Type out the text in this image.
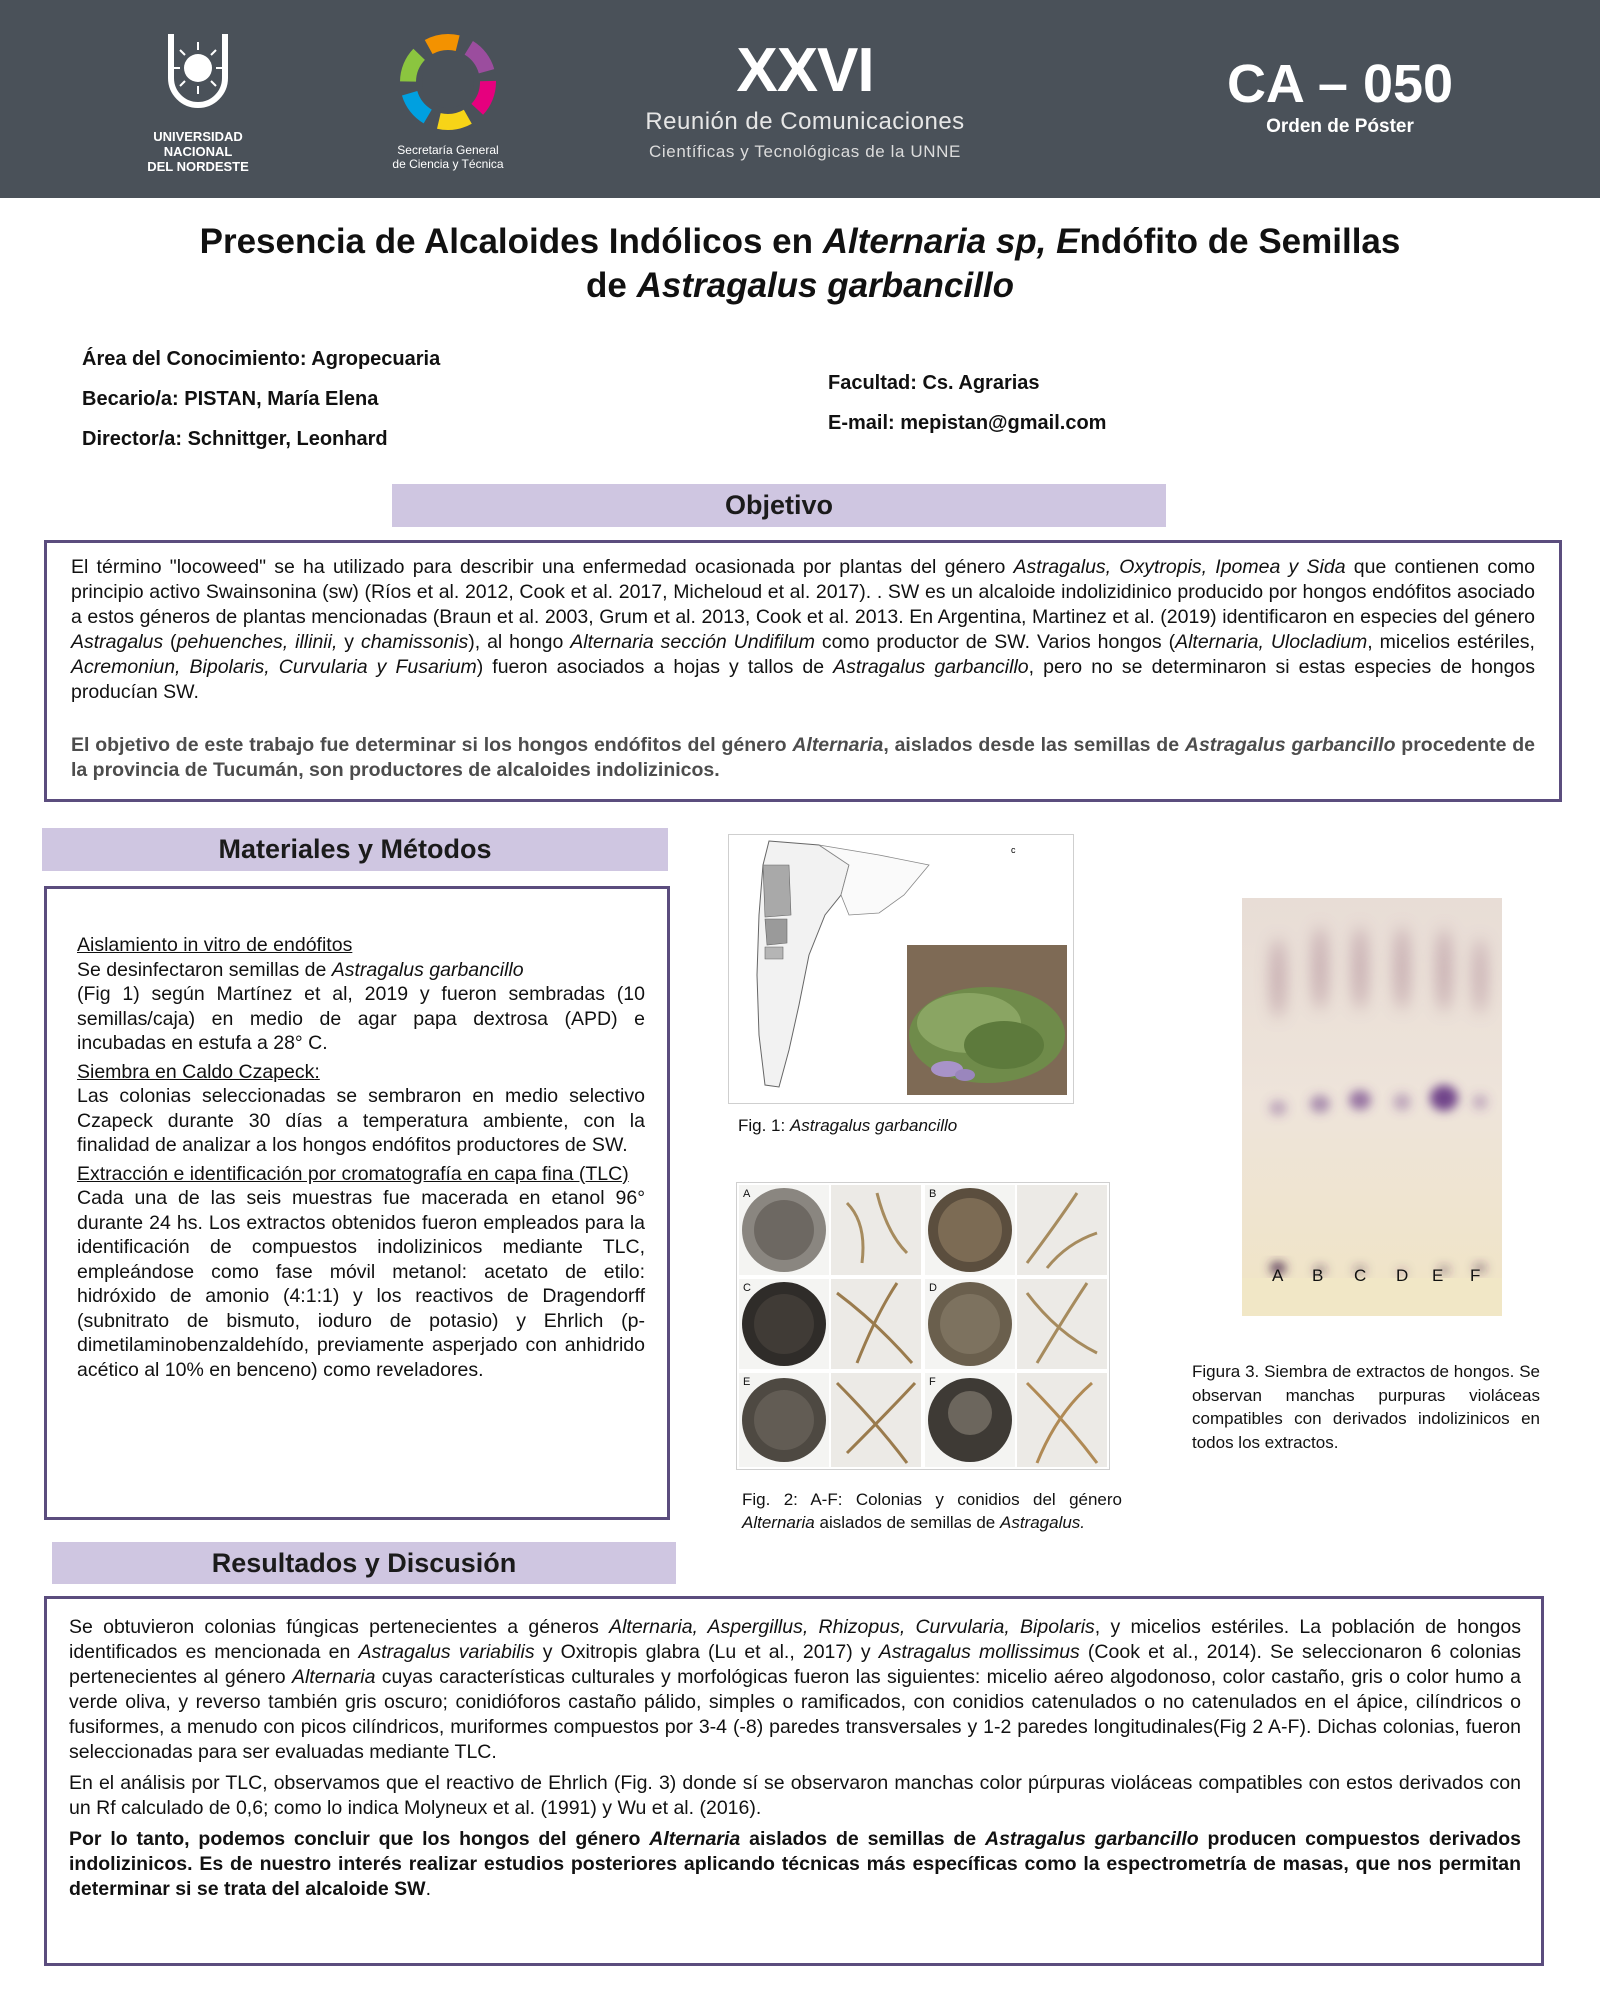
UNIVERSIDAD
NACIONAL
DEL NORDESTE
Secretaría General
de Ciencia y Técnica
XXVI
Reunión de Comunicaciones
Científicas y Tecnológicas de la UNNE
CA – 050
Orden de Póster
Presencia de Alcaloides Indólicos en Alternaria sp, Endófito de Semillas
de Astragalus garbancillo
Área del Conocimiento: Agropecuaria
Becario/a: PISTAN, María Elena
Director/a: Schnittger, Leonhard
Facultad: Cs. Agrarias
E-mail: mepistan@gmail.com
Objetivo

El término "locoweed" se ha utilizado para describir una enfermedad ocasionada por plantas del género Astragalus, Oxytropis, Ipomea y Sida que contienen como principio activo Swainsonina (sw) (Ríos et al. 2012, Cook et al. 2017, Micheloud et al. 2017). . SW es un alcaloide indolizidinico producido por hongos endófitos asociado a estos géneros de plantas mencionadas (Braun et al. 2003, Grum et al. 2013, Cook et al. 2013. En Argentina, Martinez et al. (2019) identificaron en especies del género Astragalus (pehuenches, illinii, y chamissonis), al hongo Alternaria sección Undifilum como productor de SW. Varios hongos (Alternaria, Ulocladium, micelios estériles, Acremoniun, Bipolaris, Curvularia y Fusarium) fueron asociados a hojas y tallos de Astragalus garbancillo, pero no se determinaron si estas especies de hongos producían SW.

El objetivo de este trabajo fue determinar si los hongos endófitos del género Alternaria, aislados desde las semillas de Astragalus garbancillo procedente de la provincia de Tucumán, son productores de alcaloides indolizinicos.

Materiales y Métodos

Aislamiento in vitro de endófitos

Se desinfectaron semillas de Astragalus garbancillo

(Fig 1) según Martínez et al, 2019 y fueron sembradas (10 semillas/caja) en medio de agar papa dextrosa (APD) e incubadas en estufa a 28° C.

Siembra en Caldo Czapeck:

Las colonias seleccionadas se sembraron en medio selectivo Czapeck durante 30 días a temperatura ambiente, con la finalidad de analizar a los hongos endófitos productores de SW.

Extracción e identificación por cromatografía en capa fina (TLC)

Cada una de las seis muestras fue macerada en etanol 96° durante 24 hs. Los extractos obtenidos fueron empleados para la identificación de compuestos indolizinicos mediante TLC, empleándose como fase móvil metanol: acetato de etilo: hidróxido de amonio (4:1:1) y los reactivos de Dragendorff (subnitrato de bismuto, ioduro de potasio) y Ehrlich (p-dimetilaminobenzaldehído, previamente asperjado con anhidrido acético al 10% en benceno) como reveladores.

c
Fig. 1: Astragalus garbancillo
A	B
C	D
E	F
Fig. 2: A-F: Colonias y conidios del género Alternaria aislados de semillas de Astragalus.
A B C D E F
Figura 3. Siembra de extractos de hongos. Se observan manchas purpuras violáceas compatibles con derivados indolizinicos en todos los extractos.
Resultados y Discusión

Se obtuvieron colonias fúngicas pertenecientes a géneros Alternaria, Aspergillus, Rhizopus, Curvularia, Bipolaris, y micelios estériles. La población de hongos identificados es mencionada en Astragalus variabilis y Oxitropis glabra (Lu et al., 2017) y Astragalus mollissimus (Cook et al., 2014). Se seleccionaron 6 colonias pertenecientes al género Alternaria cuyas características culturales y morfológicas fueron las siguientes: micelio aéreo algodonoso, color castaño, gris o color humo a verde oliva, y reverso también gris oscuro; conidióforos castaño pálido, simples o ramificados, con conidios catenulados o no catenulados en el ápice, cilíndricos o fusiformes, a menudo con picos cilíndricos, muriformes compuestos por 3-4 (-8) paredes transversales y 1-2 paredes longitudinales(Fig 2 A-F). Dichas colonias, fueron seleccionadas para ser evaluadas mediante TLC.

En el análisis por TLC, observamos que el reactivo de Ehrlich (Fig. 3) donde sí se observaron manchas color púrpuras violáceas compatibles con estos derivados con un Rf calculado de 0,6; como lo indica Molyneux et al. (1991) y Wu et al. (2016).

Por lo tanto, podemos concluir que los hongos del género Alternaria aislados de semillas de Astragalus garbancillo producen compuestos derivados indolizinicos. Es de nuestro interés realizar estudios posteriores aplicando técnicas más específicas como la espectrometría de masas, que nos permitan determinar si se trata del alcaloide SW.
